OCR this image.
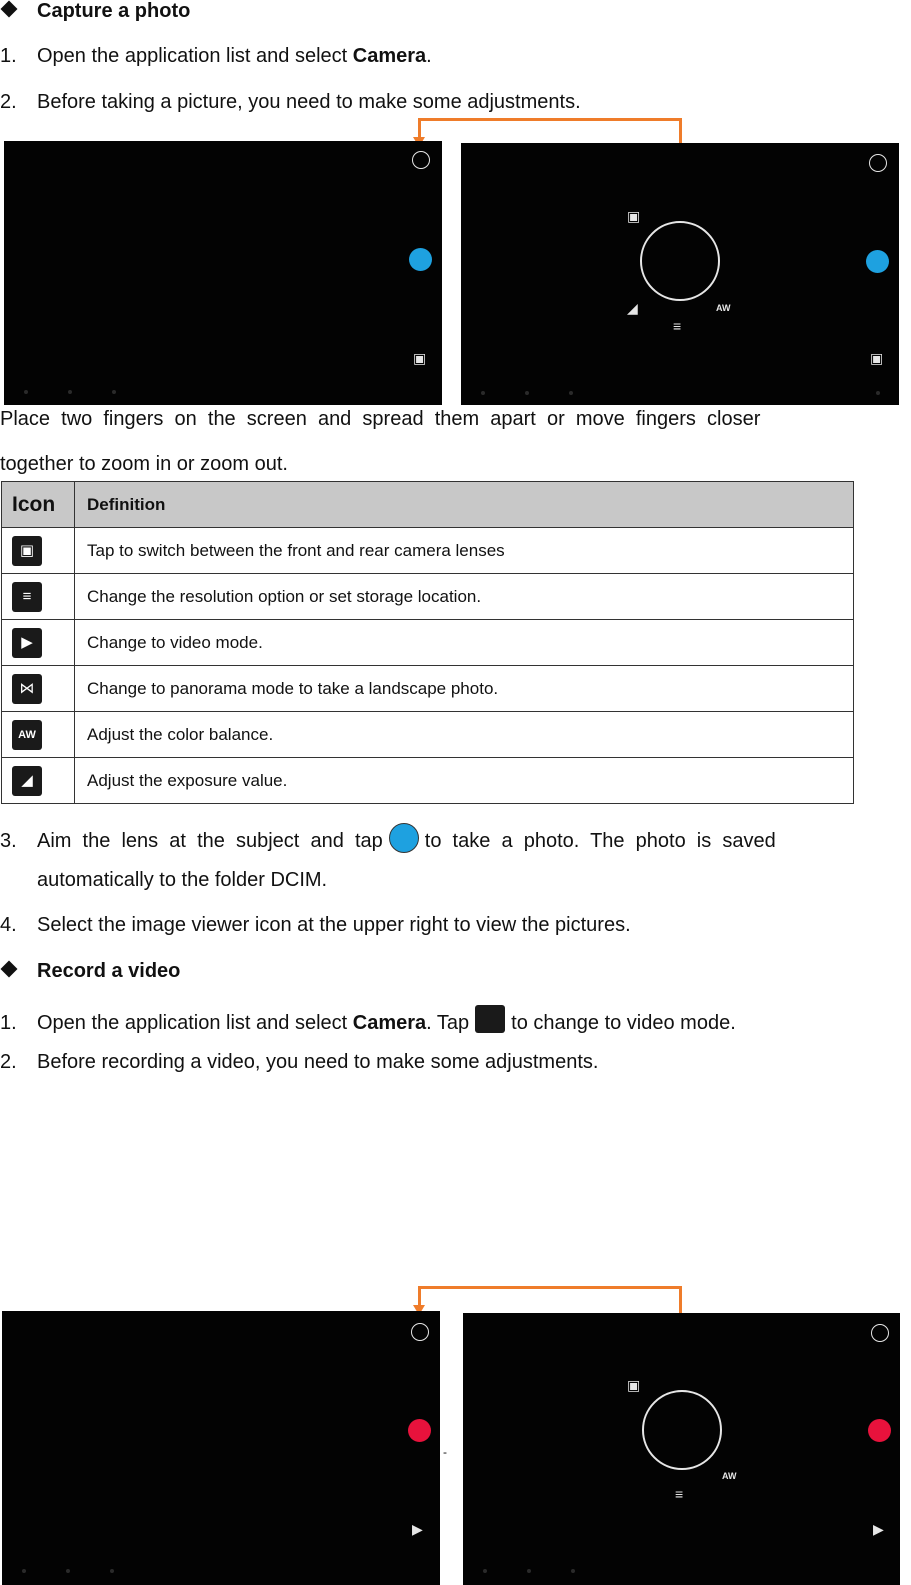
Capture a photo
1. Open the application list and select Camera.
2. Before taking a picture, you need to make some adjustments.
▣	▣
▣
◢	AW
≡
Place  two  fingers  on  the  screen  and  spread  them  apart  or  move  fingers  closer
together to zoom in or zoom out.
Icon	Definition

▣	Tap to switch between the front and rear camera lenses

≡	Change the resolution option or set storage location.

▶	Change to video mode.

⋈	Change to panorama mode to take a landscape photo.

AW	Adjust the color balance.

◢	Adjust the exposure value.
3. Aim  the  lens  at  the  subject  and  tap to  take  a  photo.  The  photo  is  saved
automatically to the folder DCIM.
4. Select the image viewer icon at the upper right to view the pictures.
Record a video
1. Open the application list and select Camera. Tap to change to video mode.
2. Before recording a video, you need to make some adjustments.
▶
-
▶
▣
AW
≡
